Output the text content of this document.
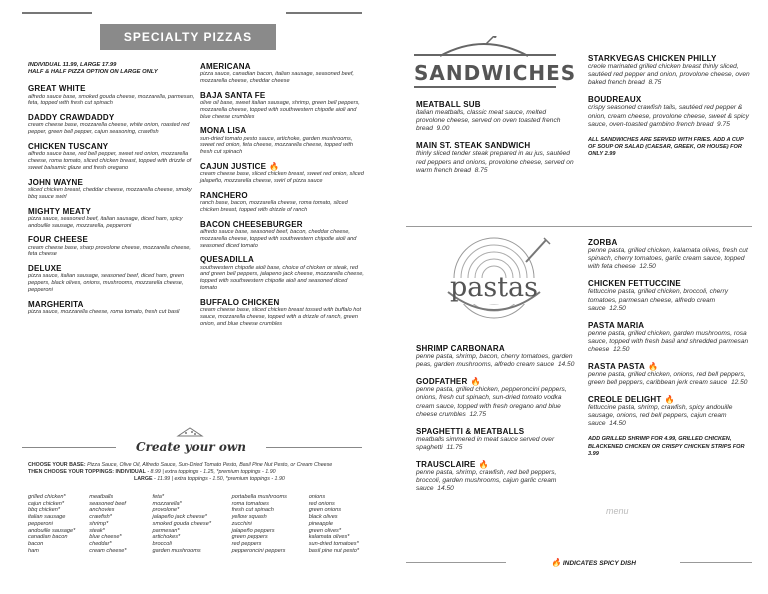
SPECIALTY PIZZAS
INDIVIDUAL 11.99, LARGE 17.99
HALF & HALF PIZZA OPTION ON LARGE ONLY
GREAT WHITE
alfredo sauce base, smoked gouda cheese, mozzarella, parmesan, feta, topped with fresh cut spinach
DADDY CRAWDADDY
cream cheese base, mozzarella cheese, white onion, roasted red pepper, green bell pepper, cajun seasoning, crawfish
CHICKEN TUSCANY
alfredo sauce base, red bell pepper, sweet red onion, mozzarella cheese, roma tomato, sliced chicken breast, topped with drizzle of sweet balsamic glaze and fresh oregano
JOHN WAYNE
sliced chicken breast, cheddar cheese, mozzarella cheese, smoky bbq sauce swirl
MIGHTY MEATY
pizza sauce, seasoned beef, italian sausage, diced ham, spicy andouille sausage, mozzarella, pepperoni
FOUR CHEESE
cream cheese base, sharp provolone cheese, mozzarella cheese, feta cheese
DELUXE
pizza sauce, italian sausage, seasoned beef, diced ham, green peppers, black olives, onions, mushrooms, mozzarella cheese, pepperoni
MARGHERITA
pizza sauce, mozzarella cheese, roma tomato, fresh cut basil
AMERICANA
pizza sauce, canadian bacon, italian sausage, seasoned beef, mozzarella cheese, cheddar cheese
BAJA SANTA FE
olive oil base, sweet italian sausage, shrimp, green bell peppers, mozzarella cheese, topped with southwestern chipotle aioli and blue cheese crumbles
MONA LISA
sun-dried tomato pesto sauce, artichoke, garden mushrooms, sweet red onion, feta cheese, mozzarella cheese, topped with fresh cut spinach
CAJUN JUSTICE 🔥
cream cheese base, sliced chicken breast, sweet red onion, sliced jalapeño, mozzarella cheese, swirl of pizza sauce
RANCHERO
ranch base, bacon, mozzarella cheese, roma tomato, sliced chicken breast, topped with drizzle of ranch
BACON CHEESEBURGER
alfredo sauce base, seasoned beef, bacon, cheddar cheese, mozzarella cheese, topped with southwestern chipotle aioli and seasoned diced tomato
QUESADILLA
southwestern chipotle aioli base, choice of chicken or steak, red and green bell peppers, jalapeno jack cheese, mozzarella cheese, topped with southwestern chipotle aioli and seasoned diced tomato
BUFFALO CHICKEN
cream cheese base, sliced chicken breast tossed with buffalo hot sauce, mozzarella cheese, topped with a drizzle of ranch, green onion, and blue cheese crumbles
Create your own
CHOOSE YOUR BASE: Pizza Sauce, Olive Oil, Alfredo Sauce, Sun-Dried Tomato Pesto, Basil Pine Nut Pesto, or Cream Cheese
THEN CHOOSE YOUR TOPPINGS: INDIVIDUAL - 8.99 | extra toppings - 1.25, *premium toppings - 1.90
LARGE - 11.99 | extra toppings - 1.50, *premium toppings - 1.90
grilled chicken*
cajun chicken*
bbq chicken*
italian sausage
pepperoni
andouille sausage*
canadian bacon
bacon
ham
meatballs
seasoned beef
anchovies
crawfish*
shrimp*
steak*
blue cheese*
cheddar*
cream cheese*
feta*
mozzarella*
provolone*
jalapeño jack cheese*
smoked gouda cheese*
parmesan*
artichokes*
broccoli
garden mushrooms
portabella mushrooms
roma tomatoes
fresh cut spinach
yellow squash
zucchini
jalapeño peppers
green peppers
red peppers
pepperoncini peppers
onions
red onions
green onions
black olives
pineapple
green olives*
kalamata olives*
sun-dried tomatoes*
basil pine nut pesto*
SANDWICHES
MEATBALL SUB
italian meatballs, classic meat sauce, melted provolone cheese, served on oven toasted french bread 9.00
MAIN ST. STEAK SANDWICH
thinly sliced tender steak prepared in au jus, sautéed red peppers and onions, provolone cheese, served on warm french bread 8.75
STARKVEGAS CHICKEN PHILLY
creole marinated grilled chicken breast thinly sliced, sautéed red pepper and onion, provolone cheese, oven baked french bread 8.75
BOUDREAUX
crispy seasoned crawfish tails, sautéed red pepper & onion, cream cheese, provolone cheese, sweet & spicy sauce, oven-toasted gambino french bread 9.75
ALL SANDWICHES ARE SERVED WITH FRIES. ADD A CUP OF SOUP OR SALAD (CAESAR, GREEK, OR HOUSE) FOR ONLY 2.99
pastas
SHRIMP CARBONARA
penne pasta, shrimp, bacon, cherry tomatoes, garden peas, garden mushrooms, alfredo cream sauce 14.50
GODFATHER 🔥
penne pasta, grilled chicken, pepperoncini peppers, onions, fresh cut spinach, sun-dried tomato vodka cream sauce, topped with fresh oregano and blue cheese crumbles 12.75
SPAGHETTI & MEATBALLS
meatballs simmered in meat sauce served over spaghetti 11.75
TRAUSCLAIRE 🔥
penne pasta, shrimp, crawfish, red bell peppers, broccoli, garden mushrooms, cajun garlic cream sauce 14.50
ZORBA
penne pasta, grilled chicken, kalamata olives, fresh cut spinach, cherry tomatoes, garlic cream sauce, topped with feta cheese 12.50
CHICKEN FETTUCCINE
fettuccine pasta, grilled chicken, broccoli, cherry tomatoes, parmesan cheese, alfredo cream sauce 12.50
PASTA MARIA
penne pasta, grilled chicken, garden mushrooms, rosa sauce, topped with fresh basil and shredded parmesan cheese 12.50
RASTA PASTA 🔥
penne pasta, grilled chicken, onions, red bell peppers, green bell peppers, caribbean jerk cream sauce 12.50
CREOLE DELIGHT 🔥
fettuccine pasta, shrimp, crawfish, spicy andouille sausage, onions, red bell peppers, cajun cream sauce 14.50
ADD GRILLED SHRIMP FOR 4.99, GRILLED CHICKEN, BLACKENED CHICKEN OR CRISPY CHICKEN STRIPS FOR 3.99
menu
🔥 INDICATES SPICY DISH
